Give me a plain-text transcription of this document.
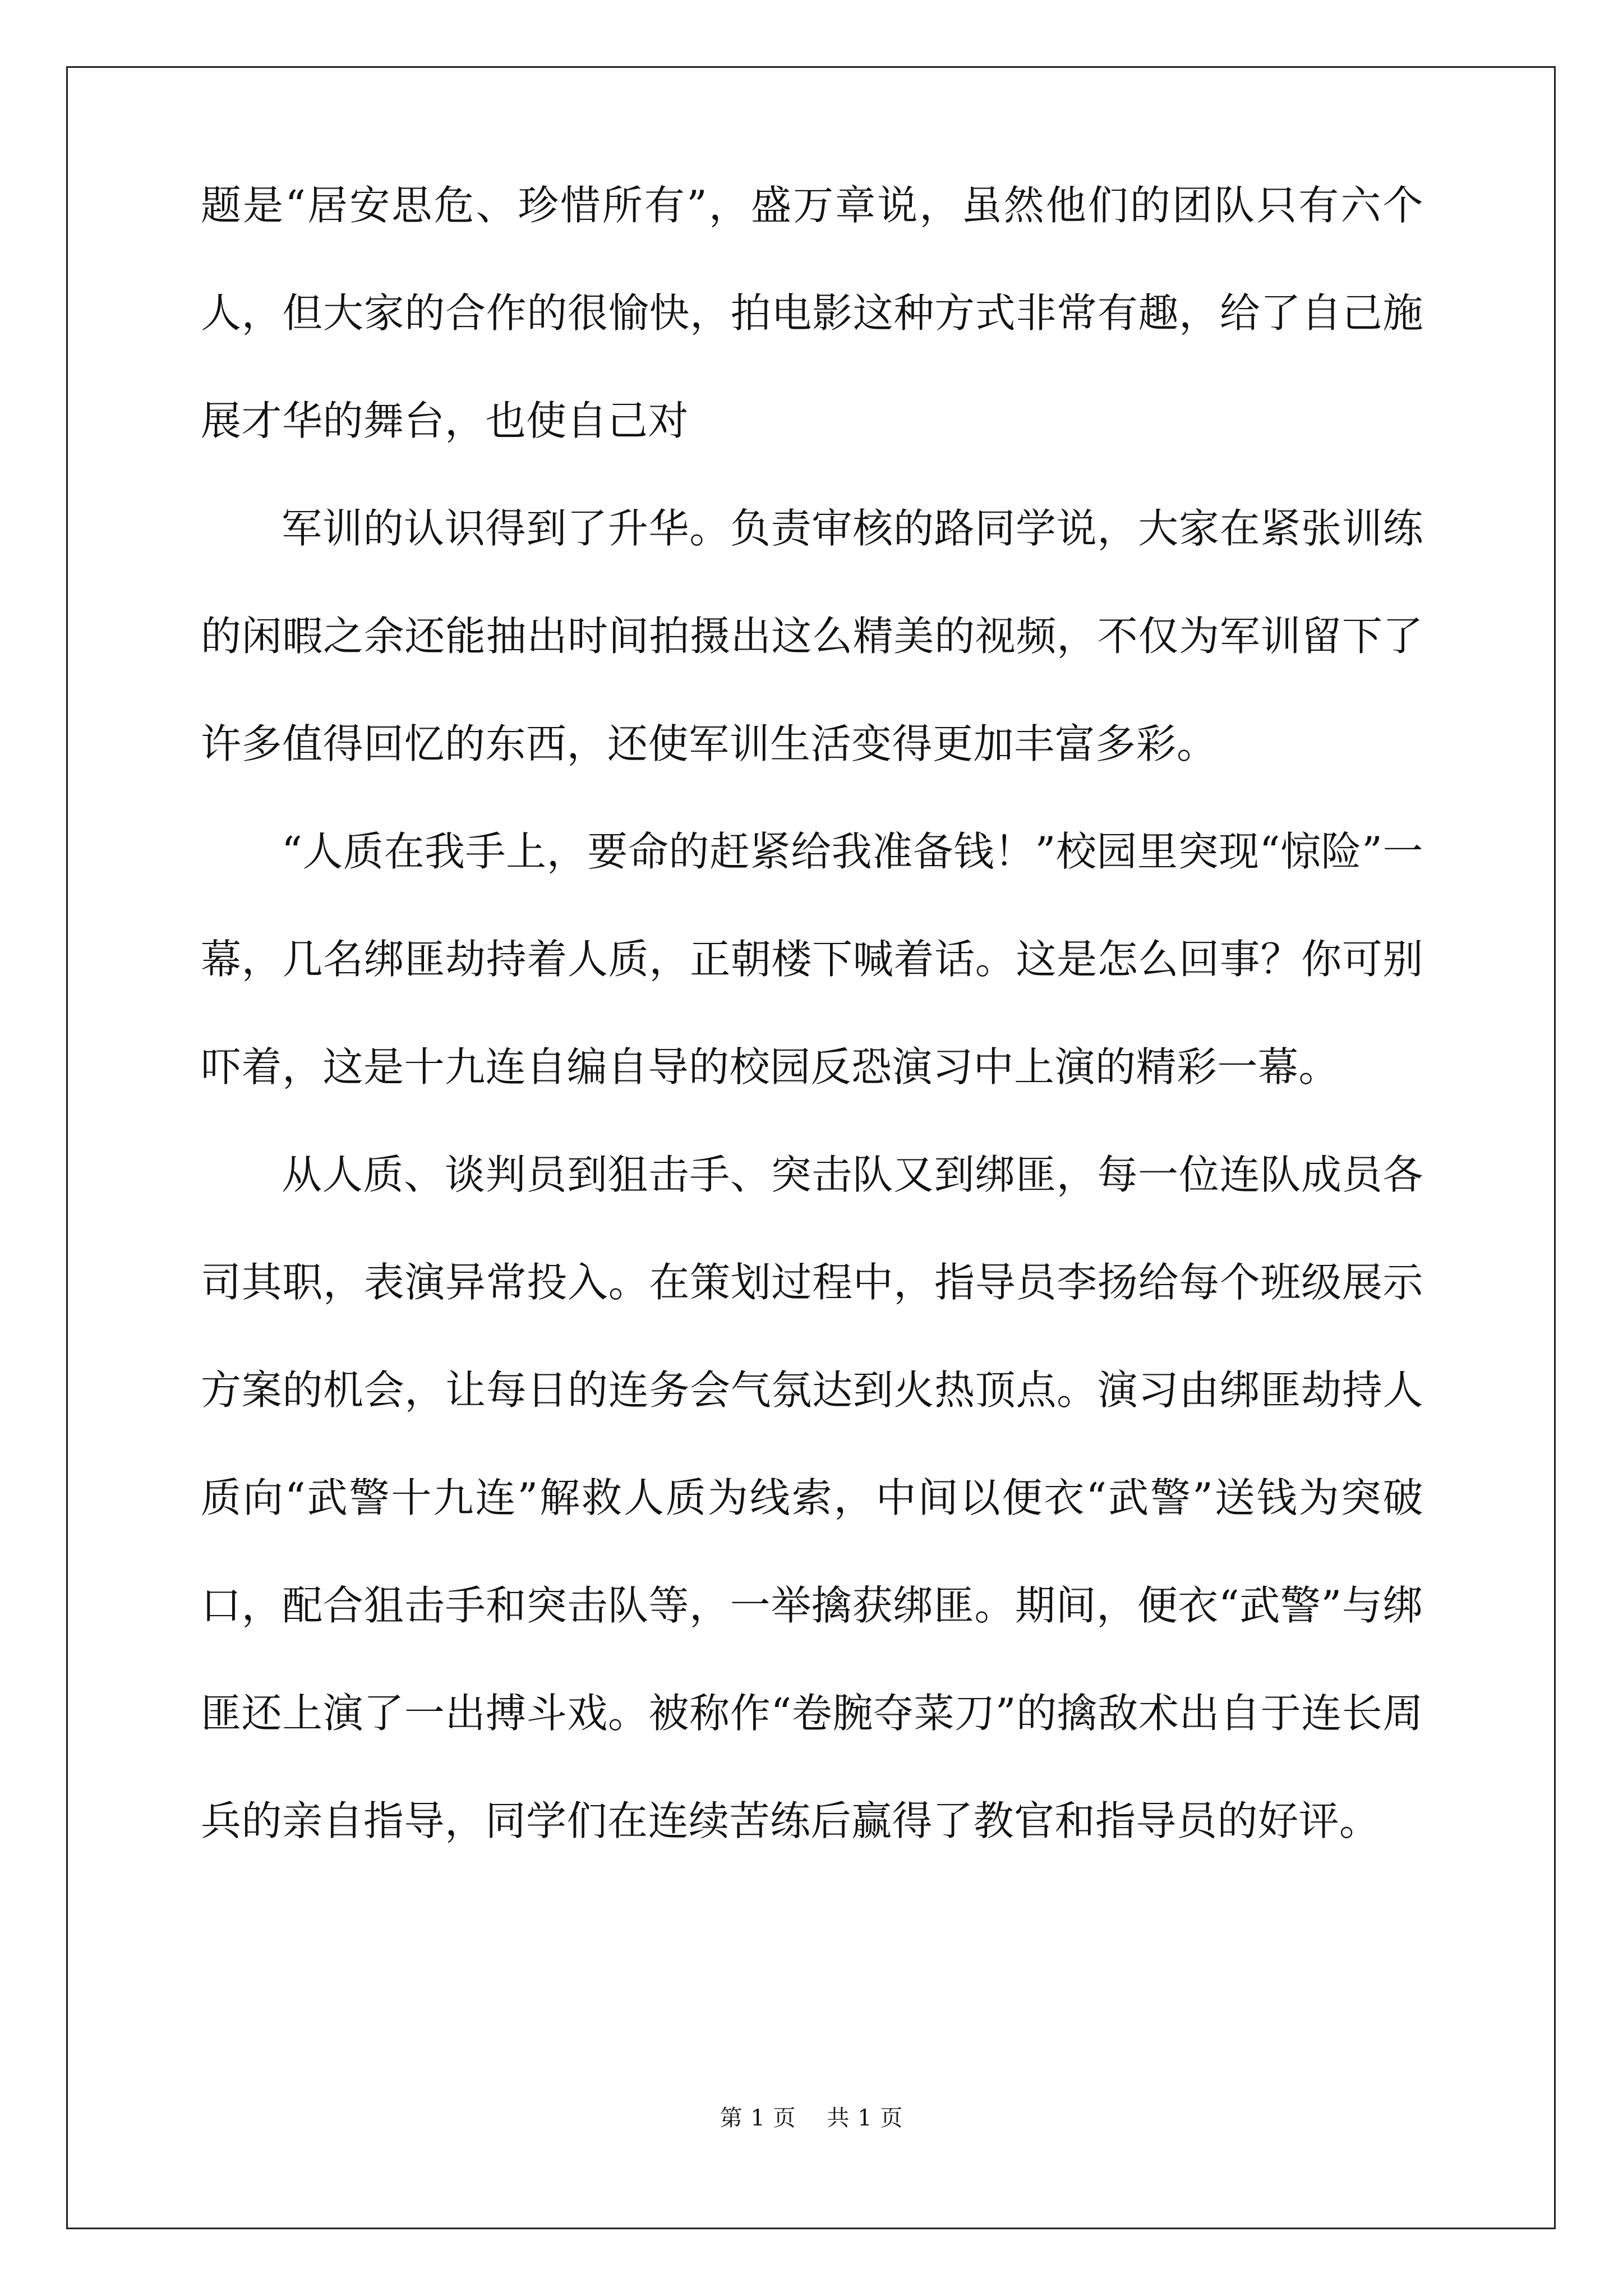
题是“居安思危、珍惜所有”，盛万章说，虽然他们的团队只有六个人，但大家的合作的很愉快，拍电影这种方式非常有趣，给了自己施展才华的舞台，也使自己对

军训的认识得到了升华。负责审核的路同学说，大家在紧张训练的闲暇之余还能抽出时间拍摄出这么精美的视频，不仅为军训留下了许多值得回忆的东西，还使军训生活变得更加丰富多彩。

“人质在我手上，要命的赶紧给我准备钱！”校园里突现“惊险”一幕，几名绑匪劫持着人质，正朝楼下喊着话。这是怎么回事？你可别吓着，这是十九连自编自导的校园反恐演习中上演的精彩一幕。

从人质、谈判员到狙击手、突击队又到绑匪，每一位连队成员各司其职，表演异常投入。在策划过程中，指导员李扬给每个班级展示方案的机会，让每日的连务会气氛达到火热顶点。演习由绑匪劫持人质向“武警十九连”解救人质为线索，中间以便衣“武警”送钱为突破口，配合狙击手和突击队等，一举擒获绑匪。期间，便衣“武警”与绑匪还上演了一出搏斗戏。被称作“卷腕夺菜刀”的擒敌术出自于连长周兵的亲自指导，同学们在连续苦练后赢得了教官和指导员的好评。

第 1 页 共 1 页
